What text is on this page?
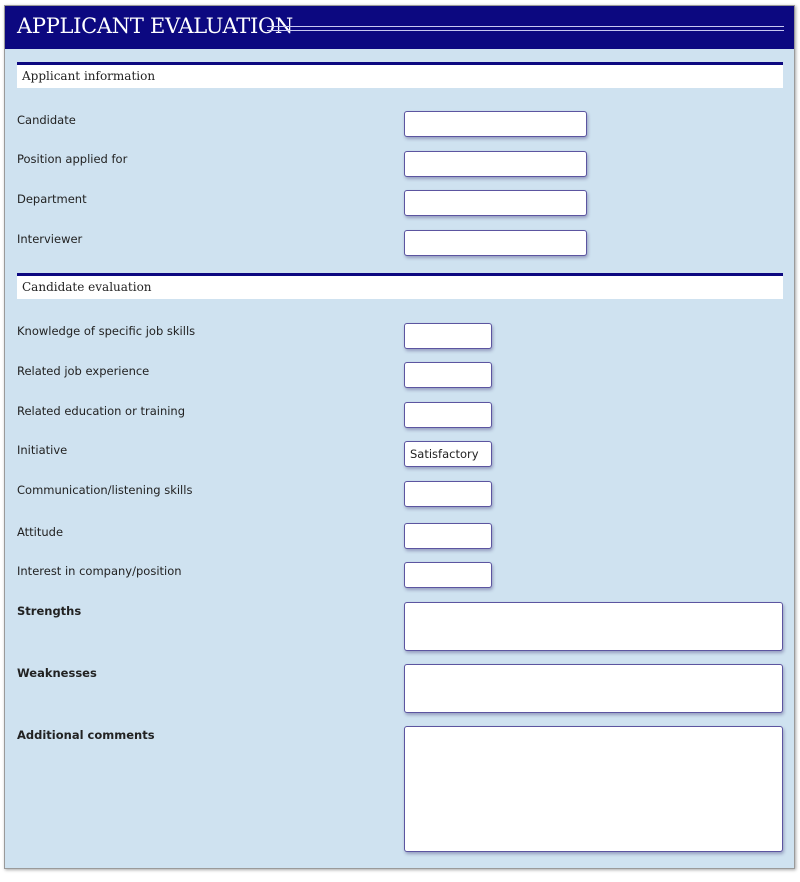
APPLICANT EVALUATION
Applicant information
Candidate
Position applied for
Department
Interviewer
Candidate evaluation
Knowledge of specific job skills
Related job experience
Related education or training
Initiative
Satisfactory
Communication/listening skills
Attitude
Interest in company/position
Strengths
Weaknesses
Additional comments
